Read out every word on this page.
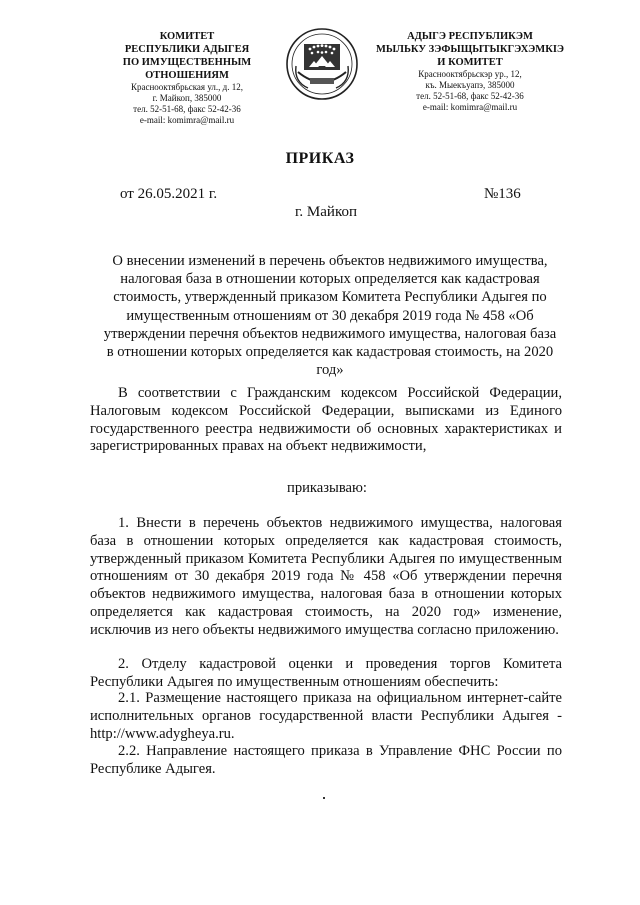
КОМИТЕТ
РЕСПУБЛИКИ АДЫГЕЯ
ПО ИМУЩЕСТВЕННЫМ ОТНОШЕНИЯМ
Красноoктябрьская ул., д. 12,
г. Майкоп, 385000
тел. 52-51-68, факс 52-42-36
e-mail: komimra@mail.ru
АДЫГЭ РЕСПУБЛИКЭМ
МЫЛЬКУ ЗЭФЫЩЫТЫКГЭХЭМКIЭ
И КОМИТЕТ
Красноoктябрьскэр ур., 12,
къ. Мыекъуапэ, 385000
тел. 52-51-68, факс 52-42-36
e-mail: komimra@mail.ru
ПРИКАЗ
от 26.05.2021 г.	№136
г. Майкоп
О внесении изменений в перечень объектов недвижимого имущества, налоговая база в отношении которых определяется как кадастровая стоимость, утвержденный приказом Комитета Республики Адыгея по имущественным отношениям от 30 декабря 2019 года № 458 «Об утверждении перечня объектов недвижимого имущества, налоговая база в отношении которых определяется как кадастровая стоимость, на 2020 год»
В соответствии с Гражданским кодексом Российской Федерации, Налоговым кодексом Российской Федерации, выписками из Единого государственного реестра недвижимости об основных характеристиках и зарегистрированных правах на объект недвижимости,
приказываю:
1. Внести в перечень объектов недвижимого имущества, налоговая база в отношении которых определяется как кадастровая стоимость, утвержденный приказом Комитета Республики Адыгея по имущественным отношениям от 30 декабря 2019 года № 458 «Об утверждении перечня объектов недвижимого имущества, налоговая база в отношении которых определяется как кадастровая стоимость, на 2020 год» изменение, исключив из него объекты недвижимого имущества согласно приложению.
2. Отделу кадастровой оценки и проведения торгов Комитета Республики Адыгея по имущественным отношениям обеспечить:
2.1. Размещение настоящего приказа на официальном интернет-сайте исполнительных органов государственной власти Республики Адыгея - http://www.adygheya.ru.
2.2. Направление настоящего приказа в Управление ФНС России по Республике Адыгея.
